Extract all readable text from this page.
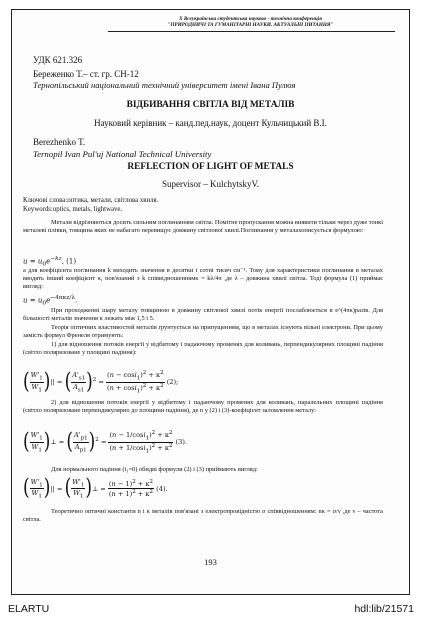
Х Всеукраїнська студентська науково - технічна конференція
"ПРИРОДНИЧІ ТА ГУМАНІТАРНІ НАУКИ. АКТУАЛЬНІ ПИТАННЯ"
УДК 621.326
Береженко Т.– ст. гр. СН-12
Тернопільський національний технічний університет імені Івана Пулюя
ВІДБИВАННЯ СВІТЛА ВІД МЕТАЛІВ
Науковий керівник – канд.пед.наук, доцент Кульчицький В.І.
Berezhenko T.
Ternopil Ivan Pul'uj National Technical University
REFLECTION OF LIGHT OF METALS
Supervisor – KulchytskyV.
Ключові слова:оптика, метали, світлова хвиля.
Keywords:optics, metals, lightwave.
Метали відрізняються досить сильним поглинанням світла. Помітне пропускання можна виявити тільки через дуже тонкі металеві плівки, товщина яких не набагато перевищує довжину світлової хвилі.Поглинання у металахописується формулою:
$u = u_0e^{-kz}$, (1)
а для коефіцієнта поглинання k виходить значення в десятки і сотні тисяч см⁻¹. Тому для характеристики поглинання в металах вводять інший коефіцієнт κ, пов'язаний з k співвідношеннямκ = kλ/4π ,де λ – довжина хвилі світла. Тоді формула (1) приймає вигляд:
$u = u_0e^{-4\pi\kappa z/\lambda}$.
При проходженні шару металу товщиною в довжину світлової хвилі потік енергії послаблюється в e^(4πκ)разів. Для більшості металів значення κ лежать між 1,5 і 5.
Теорія оптичних властивостей металів ґрунтується на припущенням, що в металах існують вільні електрони. При цьому замість формул Френеля отримують:
1) для відношення потоків енергії у відбитому і падаючому променях для коливань, перпендикулярних площині падіння (світло поляризоване у площині падіння):
( $\frac{W'_1}{W_1}$ )|| = ( $\frac{A'_{s1}}{A_{s1}} )^2 = \frac{(n - \cos i_1)^2 + \kappa^2}{(n + \cos i_1)^2 + \kappa^2} (2)$;
2) для відношення потоків енергії у відбитому і падаючому променях для коливань, паралельних площині падіння (світло поляризоване перпендикулярно до площини падіння), де n у (2) і (3)-коефіцієнт заломлення металу:
( $\frac{W'_1}{W_1}$ )⊥ = ( $\frac{A'_{p1}}{A_{p1}} )^2 = \frac{(n - 1/\cos i_1)^2 + \kappa^2}{(n + 1/\cos i_1)^2 + \kappa^2} (3)$.
Для нормального падіння (i₁=0) обидві формули (2) і (3) приймають вигляд:
( $\frac{W'_1}{W_1}$ )|| = ( $\frac{W'_1}{W_1}$ )⊥ = $\frac{(n - 1)^2 + \kappa^2}{(n + 1)^2 + \kappa^2} (4)$.
Теоретичнo оптичні константи n і κ металів пов'язані з електропровідністю σ співвідношенням: nκ = σ/ν ,де ν – частота світла.
193
ELARTU	hdl:lib/21571
